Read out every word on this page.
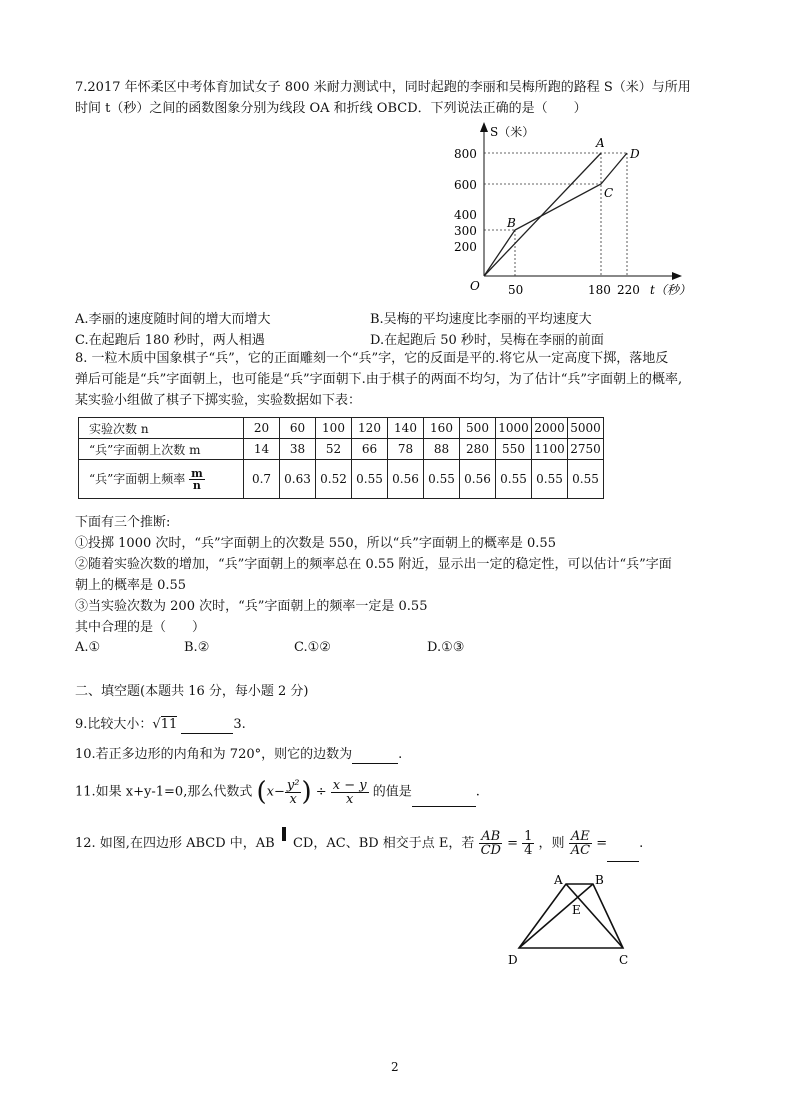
7.2017 年怀柔区中考体育加试女子 800 米耐力测试中，同时起跑的李丽和吴梅所跑的路程 S（米）与所用
时间 t（秒）之间的函数图象分别为线段 OA 和折线 OBCD．下列说法正确的是（　　）
S（米）
t（秒）
O
800
600
400
300
200
50	180 220
A
B
C
D
A.李丽的速度随时间的增大而增大	B.吴梅的平均速度比李丽的平均速度大
C.在起跑后 180 秒时，两人相遇	D.在起跑后 50 秒时，吴梅在李丽的前面
8. 一粒木质中国象棋子“兵”，它的正面雕刻一个“兵”字，它的反面是平的.将它从一定高度下掷，落地反
弹后可能是“兵”字面朝上，也可能是“兵”字面朝下.由于棋子的两面不均匀，为了估计“兵”字面朝上的概率,
某实验小组做了棋子下掷实验，实验数据如下表：
实验次数 n	20	60	100	120	140	160	500	1000	2000	5000
“兵”字面朝上次数 m	14	38	52	66	78	88	280	550	1100	2750
“兵”字面朝上频率 $\frac{m}{n}$	0.7	0.63	0.52	0.55	0.56	0.55	0.56	0.55	0.55	0.55
下面有三个推断:
①投掷 1000 次时，“兵”字面朝上的次数是 550，所以“兵”字面朝上的概率是 0.55
②随着实验次数的增加，“兵”字面朝上的频率总在 0.55 附近，显示出一定的稳定性，可以估计“兵”字面
朝上的概率是 0.55
③当实验次数为 200 次时，“兵”字面朝上的频率一定是 0.55
其中合理的是（　　）
A.①	B.②	C.①②	D.①③
二、填空题(本题共 16 分，每小题 2 分)
9.比较大小：√11	3.
10.若正多边形的内角和为 720°，则它的边数为	.
11.如果 x+y-1=0,那么代数式 ($x- \frac{\text{y²}}{x}$ ) ÷ $\frac{x - y}{x}$ 的值是	.
12. 如图,在四边形 ABCD 中，AB CD，AC、BD 相交于点 E，若 $\frac{AB}{CD} = \frac{1}{4}$ ，则 $\frac{AE}{AC}$ = .
A	B
E
D	C
2
